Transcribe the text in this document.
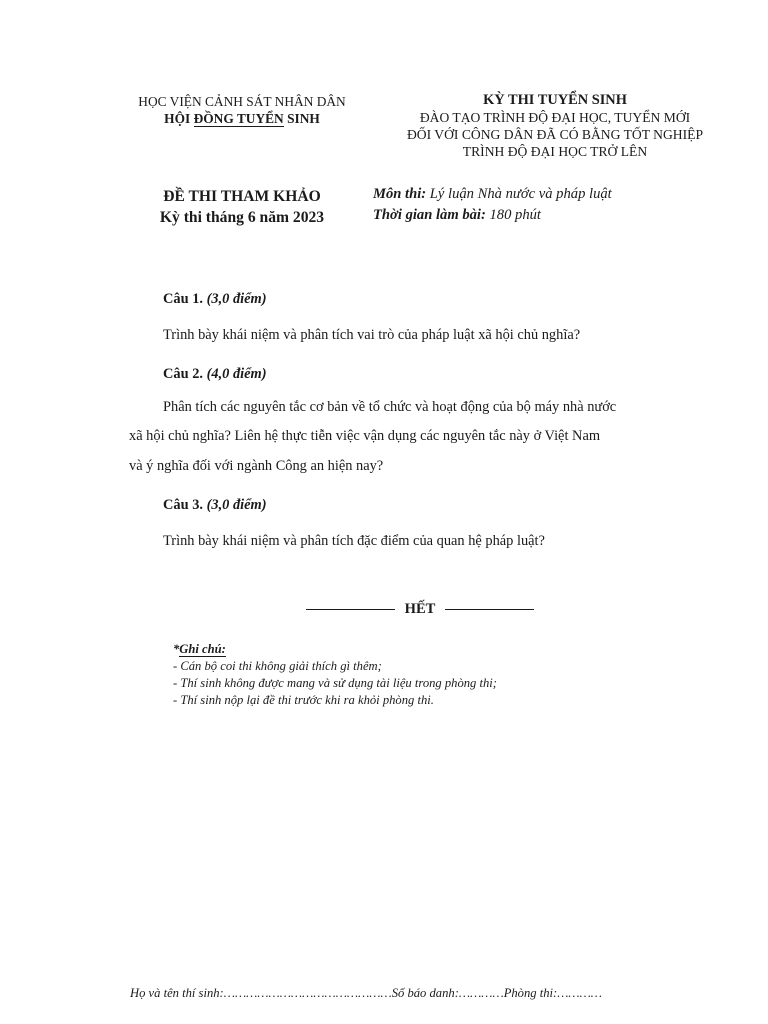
HỌC VIỆN CẢNH SÁT NHÂN DÂN
HỘI ĐỒNG TUYỂN SINH
KỲ THI TUYỂN SINH
ĐÀO TẠO TRÌNH ĐỘ ĐẠI HỌC, TUYỂN MỚI
ĐỐI VỚI CÔNG DÂN ĐÃ CÓ BẰNG TỐT NGHIỆP
TRÌNH ĐỘ ĐẠI HỌC TRỞ LÊN
ĐỀ THI THAM KHẢO
Kỳ thi tháng 6 năm 2023
Môn thi: Lý luận Nhà nước và pháp luật
Thời gian làm bài: 180 phút
Câu 1. (3,0 điểm)
Trình bày khái niệm và phân tích vai trò của pháp luật xã hội chủ nghĩa?
Câu 2. (4,0 điểm)
Phân tích các nguyên tắc cơ bản về tổ chức và hoạt động của bộ máy nhà nước
xã hội chủ nghĩa? Liên hệ thực tiễn việc vận dụng các nguyên tắc này ở Việt Nam
và ý nghĩa đối với ngành Công an hiện nay?
Câu 3. (3,0 điểm)
Trình bày khái niệm và phân tích đặc điểm của quan hệ pháp luật?
HẾT
*Ghi chú:
- Cán bộ coi thi không giải thích gì thêm;
- Thí sinh không được mang và sử dụng tài liệu trong phòng thi;
- Thí sinh nộp lại đề thi trước khi ra khỏi phòng thi.
Họ và tên thí sinh:………………………………………Số báo danh:…………Phòng thi:…………
